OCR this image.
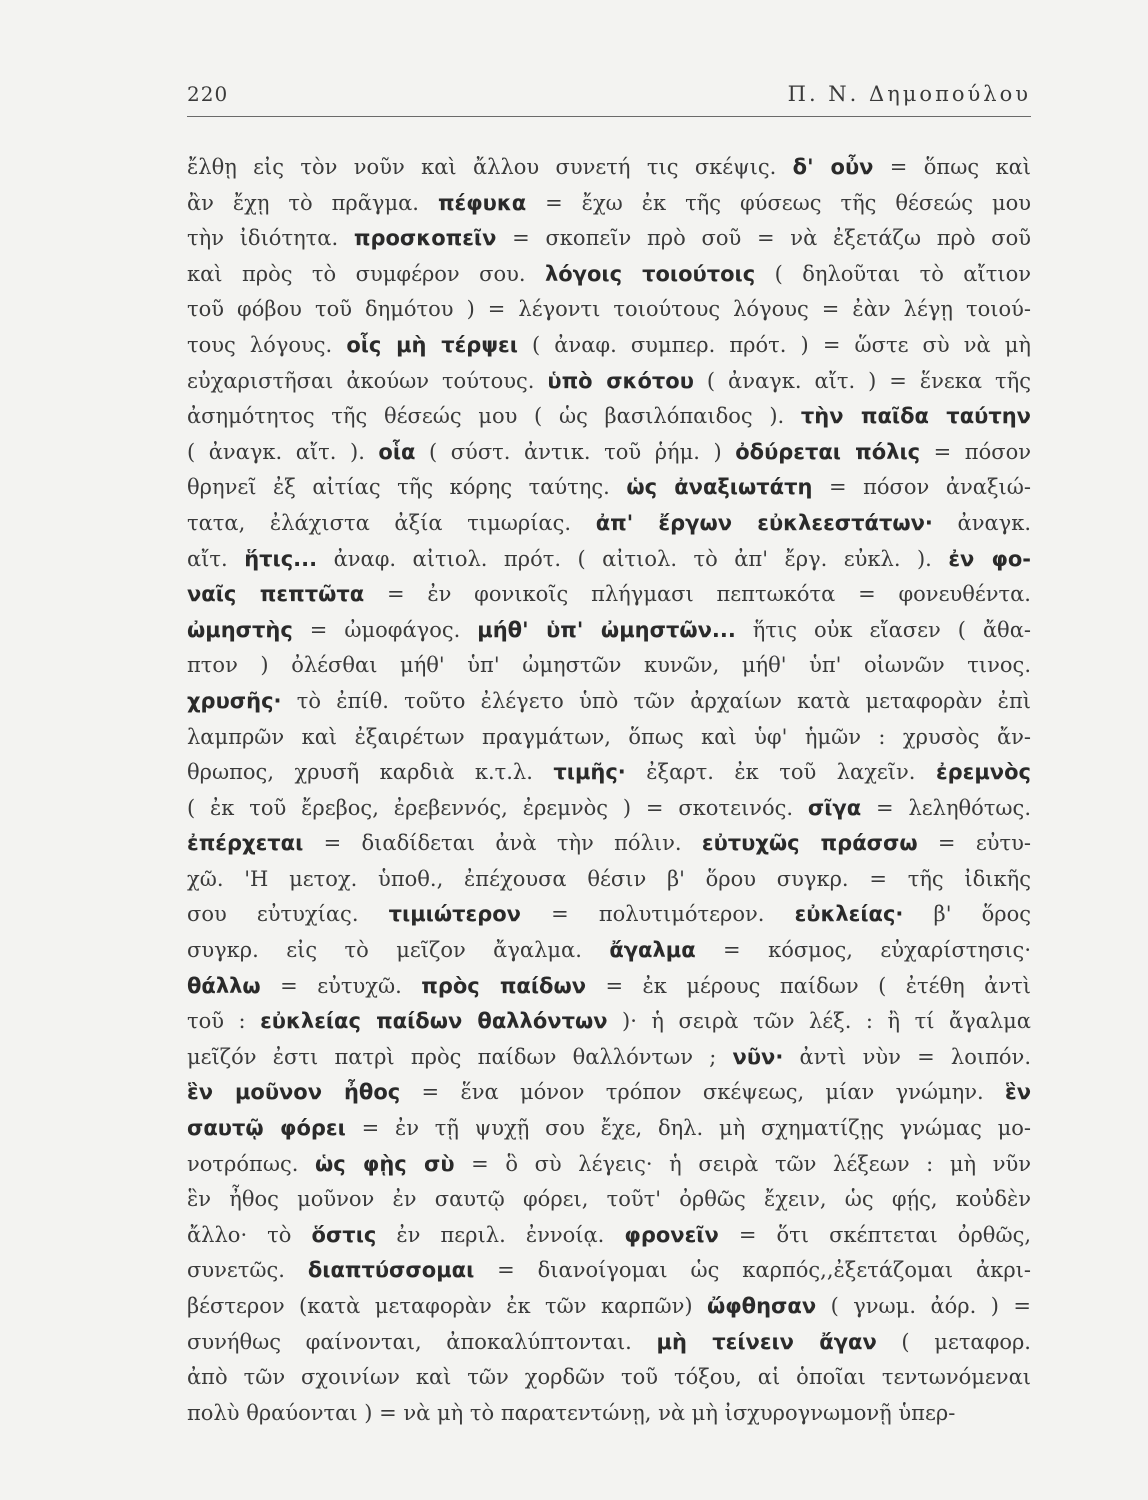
220	Π. Ν. Δημοπούλου
ἔλθῃ εἰς τὸν νοῦν καὶ ἄλλου συνετή τις σκέψις. δ' οὖν = ὅπως καὶ
ἂν ἔχῃ τὸ πρᾶγμα. πέφυκα = ἔχω ἐκ τῆς φύσεως τῆς θέσεώς μου
τὴν ἰδιότητα. προσκοπεῖν = σκοπεῖν πρὸ σοῦ = νὰ ἐξετάζω πρὸ σοῦ
καὶ πρὸς τὸ συμφέρον σου. λόγοις τοιούτοις ( δηλοῦται τὸ αἴτιον
τοῦ φόβου τοῦ δημότου ) = λέγοντι τοιούτους λόγους = ἐὰν λέγῃ τοιού-
τους λόγους. οἷς μὴ τέρψει ( ἀναφ. συμπερ. πρότ. ) = ὥστε σὺ νὰ μὴ
εὐχαριστῆσαι ἀκούων τούτους. ὑπὸ σκότου ( ἀναγκ. αἴτ. ) = ἕνεκα τῆς
ἀσημότητος τῆς θέσεώς μου ( ὡς βασιλόπαιδος ). τὴν παῖδα ταύτην
( ἀναγκ. αἴτ. ). οἷα ( σύστ. ἀντικ. τοῦ ῥήμ. ) ὀδύρεται πόλις = πόσον
θρηνεῖ ἐξ αἰτίας τῆς κόρης ταύτης. ὡς ἀναξιωτάτη = πόσον ἀναξιώ-
τατα, ἐλάχιστα ἀξία τιμωρίας. ἀπ' ἔργων εὐκλεεστάτων· ἀναγκ.
αἴτ. ἥτις... ἀναφ. αἰτιολ. πρότ. ( αἰτιολ. τὸ ἀπ' ἔργ. εὐκλ. ). ἐν φο-
ναῖς πεπτῶτα = ἐν φονικοῖς πλήγμασι πεπτωκότα = φονευθέντα.
ὠμηστὴς = ὠμοφάγος. μήθ' ὑπ' ὠμηστῶν... ἥτις οὐκ εἴασεν ( ἄθα-
πτον ) ὀλέσθαι μήθ' ὑπ' ὠμηστῶν κυνῶν, μήθ' ὑπ' οἰωνῶν τινος.
χρυσῆς· τὸ ἐπίθ. τοῦτο ἐλέγετο ὑπὸ τῶν ἀρχαίων κατὰ μεταφορὰν ἐπὶ
λαμπρῶν καὶ ἐξαιρέτων πραγμάτων, ὅπως καὶ ὑφ' ἡμῶν : χρυσὸς ἄν-
θρωπος, χρυσῆ καρδιὰ κ.τ.λ. τιμῆς· ἐξαρτ. ἐκ τοῦ λαχεῖν. ἐρεμνὸς
( ἐκ τοῦ ἔρεβος, ἐρεβεννός, ἐρεμνὸς ) = σκοτεινός. σῖγα = λεληθότως.
ἐπέρχεται = διαδίδεται ἀνὰ τὴν πόλιν. εὐτυχῶς πράσσω = εὐτυ-
χῶ. 'Η μετοχ. ὑποθ., ἐπέχουσα θέσιν β' ὅρου συγκρ. = τῆς ἰδικῆς
σου εὐτυχίας. τιμιώτερον = πολυτιμότερον. εὐκλείας· β' ὅρος
συγκρ. εἰς τὸ μεῖζον ἄγαλμα. ἄγαλμα = κόσμος, εὐχαρίστησις·
θάλλω = εὐτυχῶ. πρὸς παίδων = ἐκ μέρους παίδων ( ἐτέθη ἀντὶ
τοῦ : εὐκλείας παίδων θαλλόντων )· ἡ σειρὰ τῶν λέξ. : ἢ τί ἄγαλμα
μεῖζόν ἐστι πατρὶ πρὸς παίδων θαλλόντων ; νῦν· ἀντὶ νὺν = λοιπόν.
ἓν μοῦνον ἦθος = ἕνα μόνον τρόπον σκέψεως, μίαν γνώμην. ἓν
σαυτῷ φόρει = ἐν τῇ ψυχῇ σου ἔχε, δηλ. μὴ σχηματίζῃς γνώμας μο-
νοτρόπως. ὡς φῂς σὺ = ὃ σὺ λέγεις· ἡ σειρὰ τῶν λέξεων : μὴ νῦν
ἓν ἦθος μοῦνον ἐν σαυτῷ φόρει, τοῦτ' ὀρθῶς ἔχειν, ὡς φῄς, κοὐδὲν
ἄλλο· τὸ ὅστις ἐν περιλ. ἐννοίᾳ. φρονεῖν = ὅτι σκέπτεται ὀρθῶς,
συνετῶς. διαπτύσσομαι = διανοίγομαι ὡς καρπός,,ἐξετάζομαι ἀκρι-
βέστερον (κατὰ μεταφορὰν ἐκ τῶν καρπῶν) ὤφθησαν ( γνωμ. ἀόρ. ) =
συνήθως φαίνονται, ἀποκαλύπτονται. μὴ τείνειν ἄγαν ( μεταφορ.
ἀπὸ τῶν σχοινίων καὶ τῶν χορδῶν τοῦ τόξου, αἱ ὁποῖαι τεντωνόμεναι
πολὺ θραύονται ) = νὰ μὴ τὸ παρατεντώνῃ, νὰ μὴ ἰσχυρογνωμονῇ ὑπερ-
